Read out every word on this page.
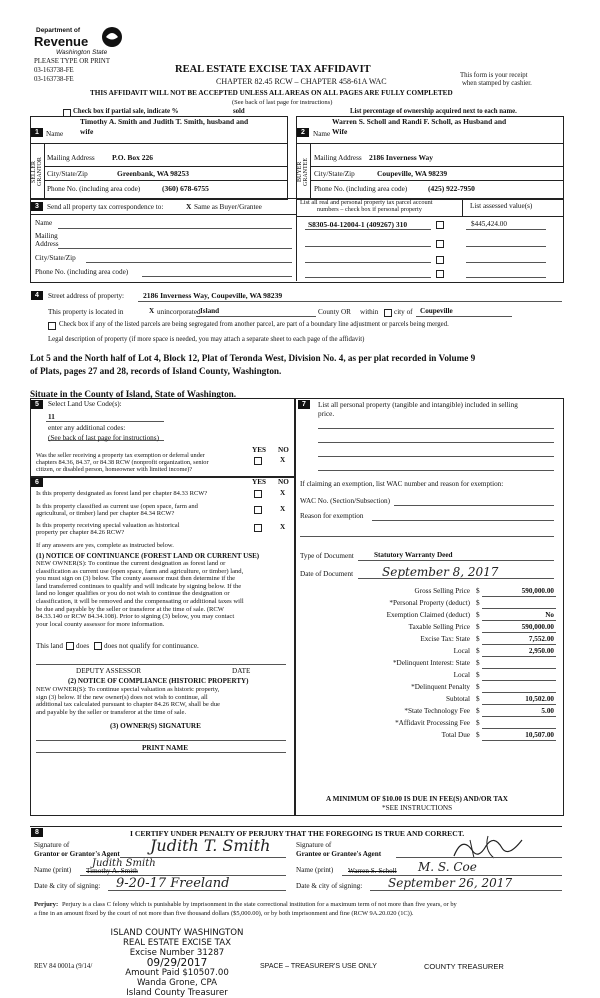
Department of
Revenue
Washington State
PLEASE TYPE OR PRINT
03-163738-FE
03-163738-FE
REAL ESTATE EXCISE TAX AFFIDAVIT
CHAPTER 82.45 RCW – CHAPTER 458-61A WAC
This form is your receipt
when stamped by cashier.
THIS AFFIDAVIT WILL NOT BE ACCEPTED UNLESS ALL AREAS ON ALL PAGES ARE FULLY COMPLETED
(See back of last page for instructions)
Check box if partial sale, indicate %	sold	List percentage of ownership acquired next to each name.
1 Name
Timothy A. Smith and Judith T. Smith, husband and
wife
SELLER GRANTOR Mailing Address P.O. Box 226
City/State/Zip	Greenbank, WA 98253
Phone No. (including area code)	(360) 678-6755
2	Name
Warren S. Scholl and Randi F. Scholl, as Husband and
Wife
BUYER GRANTEE Mailing Address 2186 Inverness Way
City/State/Zip	Coupeville, WA 98239
Phone No. (including area code)	(425) 922-7950
3	Send all property tax correspondence to:	X Same as Buyer/Grantee
Name
Mailing
Address
City/State/Zip
Phone No. (including area code)
List all real and personal property tax parcel account
numbers – check box if personal property	List assessed value(s)
S8305-04-12004-1 (409267) 310	$445,424.00
4	Street address of property: 2186 Inverness Way, Coupeville, WA 98239
This property is located in	X unincorporated Island	County OR within city of Coupeville
Check box if any of the listed parcels are being segregated from another parcel, are part of a boundary line adjustment or parcels being merged.
Legal description of property (if more space is needed, you may attach a separate sheet to each page of the affidavit)
Lot 5 and the North half of Lot 4, Block 12, Plat of Teronda West, Division No. 4, as per plat recorded in Volume 9
of Plats, pages 27 and 28, records of Island County, Washington.
Situate in the County of Island, State of Washington.
5	Select Land Use Code(s):
11
enter any additional codes:
(See back of last page for instructions)
YES NO
Was the seller receiving a property tax exemption or deferral under
chapters 84.36, 84.37, or 84.38 RCW (nonprofit organization, senior
citizen, or disabled person, homeowner with limited income)?
X
6	YES NO
Is this property designated as forest land per chapter 84.33 RCW?	X
Is this property classified as current use (open space, farm and
agricultural, or timber) land per chapter 84.34 RCW?
X
Is this property receiving special valuation as historical
property per chapter 84.26 RCW?
X
If any answers are yes, complete as instructed below.
(1) NOTICE OF CONTINUANCE (FOREST LAND OR CURRENT USE)
NEW OWNER(S): To continue the current designation as forest land or
classification as current use (open space, farm and agriculture, or timber) land,
you must sign on (3) below. The county assessor must then determine if the
land transferred continues to qualify and will indicate by signing below. If the
land no longer qualifies or you do not wish to continue the designation or
classification, it will be removed and the compensating or additional taxes will
be due and payable by the seller or transferor at the time of sale. (RCW
84.33.140 or RCW 84.34.108). Prior to signing (3) below, you may contact
your local county assessor for more information.
This land does does not qualify for continuance.
DEPUTY ASSESSOR	DATE
(2) NOTICE OF COMPLIANCE (HISTORIC PROPERTY)
NEW OWNER(S): To continue special valuation as historic property,
sign (3) below. If the new owner(s) does not wish to continue, all
additional tax calculated pursuant to chapter 84.26 RCW, shall be due
and payable by the seller or transferor at the time of sale.
(3) OWNER(S) SIGNATURE
PRINT NAME
7	List all personal property (tangible and intangible) included in selling
price.
If claiming an exemption, list WAC number and reason for exemption:
WAC No. (Section/Subsection)
Reason for exemption
Type of Document	Statutory Warranty Deed
Date of Document September 8, 2017
Gross Selling Price $	590,000.00
*Personal Property (deduct) $
Exemption Claimed (deduct) $	No
Taxable Selling Price $	590,000.00
Excise Tax: State $	7,552.00
Local $	2,950.00
*Delinquent Interest: State $
Local $
*Delinquent Penalty $
Subtotal $	10,502.00
*State Technology Fee $	5.00
*Affidavit Processing Fee $
Total Due $	10,507.00
A MINIMUM OF $10.00 IS DUE IN FEE(S) AND/OR TAX
*SEE INSTRUCTIONS
8	I CERTIFY UNDER PENALTY OF PERJURY THAT THE FOREGOING IS TRUE AND CORRECT.
Signature of
Grantor or Grantor's Agent Judith T. Smith
Name (print)
Judith Smith
Timothy A. Smith
Date & city of signing: 9-20-17 Freeland
Signature of
Grantee or Grantee's Agent
Name (print) Warren S. Scholl M. S. Coe
Date & city of signing: September 26, 2017
Perjury: Perjury is a class C felony which is punishable by imprisonment in the state correctional institution for a maximum term of not more than five years, or by
a fine in an amount fixed by the court of not more than five thousand dollars ($5,000.00), or by both imprisonment and fine (RCW 9A.20.020 (1C)).
ISLAND COUNTY WASHINGTON
REAL ESTATE EXCISE TAX
Excise Number 31287
09/29/2017
Amount Paid $10507.00
Wanda Grone, CPA
Island County Treasurer
REV 84 0001a (9/14/	SPACE – TREASURER'S USE ONLY	COUNTY TREASURER
